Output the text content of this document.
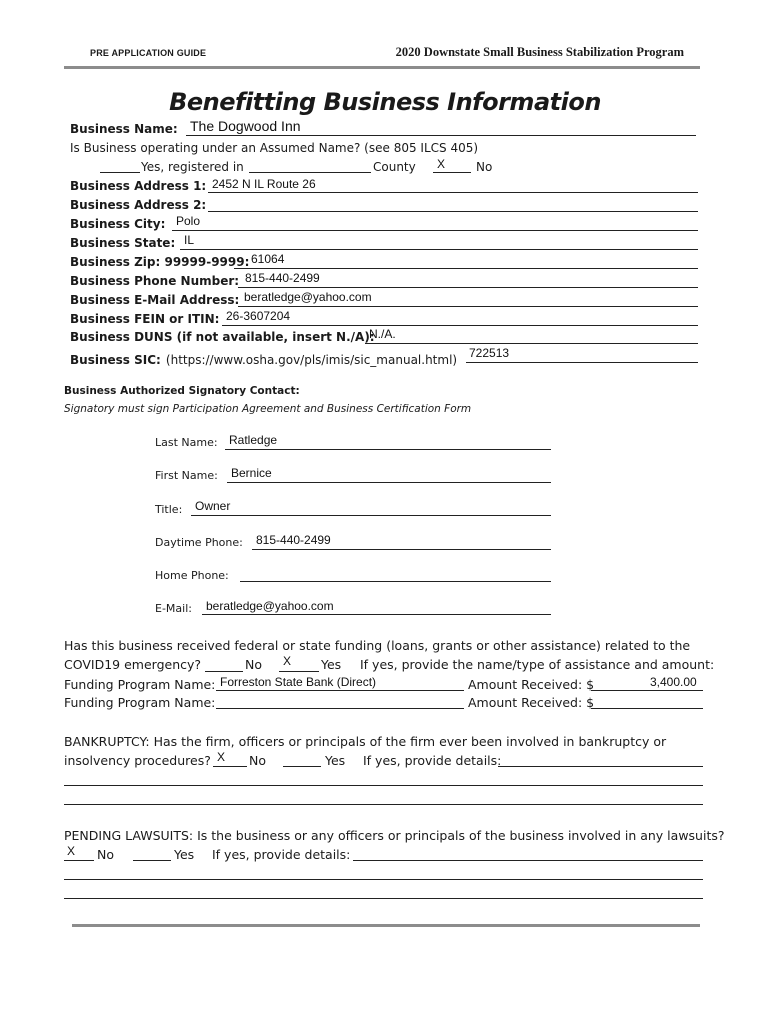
PRE APPLICATION GUIDE	2020 Downstate Small Business Stabilization Program
Benefitting Business Information
Business Name: The Dogwood Inn
Is Business operating under an Assumed Name? (see 805 ILCS 405)
Yes, registered in	County X	No
Business Address 1: 2452 N IL Route 26
Business Address 2:
Business City: Polo
Business State: IL
Business Zip: 99999-9999: 61064
Business Phone Number: 815-440-2499
Business E-Mail Address: beratledge@yahoo.com
Business FEIN or ITIN: 26-3607204
Business DUNS (if not available, insert N./A):
N./A.
Business SIC: (https://www.osha.gov/pls/imis/sic_manual.html) 722513
Business Authorized Signatory Contact:
Signatory must sign Participation Agreement and Business Certification Form
Last Name: Ratledge
First Name: Bernice
Title: Owner
Daytime Phone: 815-440-2499
Home Phone:
E-Mail: beratledge@yahoo.com
Has this business received federal or state funding (loans, grants or other assistance) related to the
COVID19 emergency?	No X Yes If yes, provide the name/type of assistance and amount:
Funding Program Name: Forreston State Bank (Direct)	Amount Received: $	3,400.00
Funding Program Name:	Amount Received: $
BANKRUPTCY: Has the firm, officers or principals of the firm ever been involved in bankruptcy or
insolvency procedures? X No	Yes If yes, provide details:
PENDING LAWSUITS: Is the business or any officers or principals of the business involved in any lawsuits?
X No	Yes If yes, provide details:
